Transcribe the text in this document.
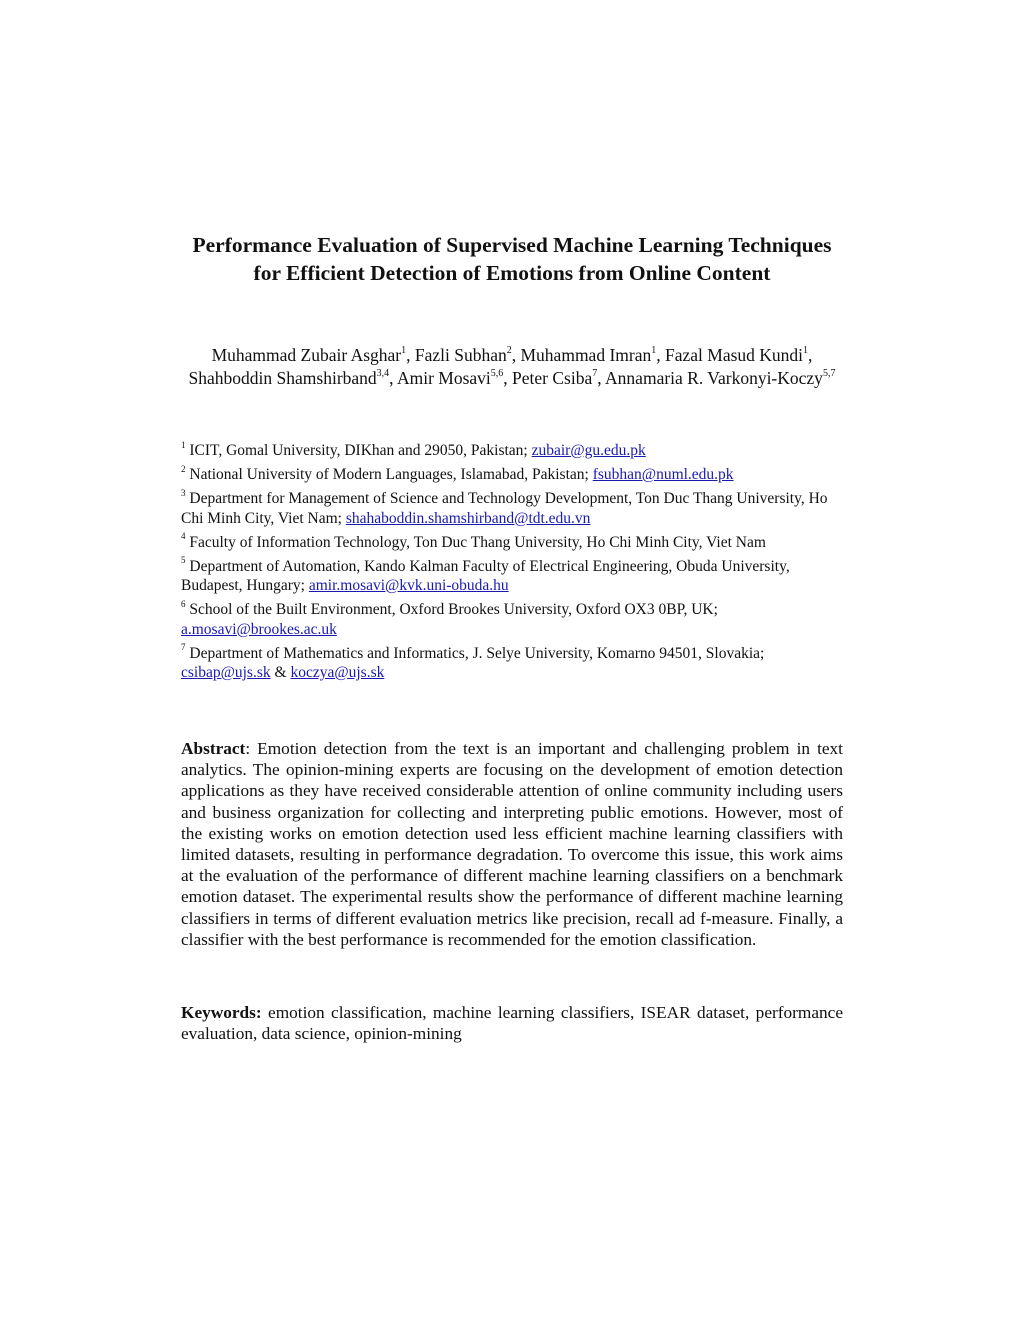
Performance Evaluation of Supervised Machine Learning Techniques for Efficient Detection of Emotions from Online Content
Muhammad Zubair Asghar$^1$, Fazli Subhan$^2$, Muhammad Imran$^1$, Fazal Masud Kundi$^1$, Shahboddin Shamshirband$^{3,4}$, Amir Mosavi$^{5,6}$, Peter Csiba$^7$, Annamaria R. Varkonyi-Koczy$^{5,7}$

$^1$ ICIT, Gomal University, DIKhan and 29050, Pakistan; zubair@gu.edu.pk

$^2$ National University of Modern Languages, Islamabad, Pakistan; fsubhan@numl.edu.pk

$^3$ Department for Management of Science and Technology Development, Ton Duc Thang University, Ho Chi Minh City, Viet Nam; shahaboddin.shamshirband@tdt.edu.vn

$^4$ Faculty of Information Technology, Ton Duc Thang University, Ho Chi Minh City, Viet Nam

$^5$ Department of Automation, Kando Kalman Faculty of Electrical Engineering, Obuda University, Budapest, Hungary; amir.mosavi@kvk.uni-obuda.hu

$^6$ School of the Built Environment, Oxford Brookes University, Oxford OX3 0BP, UK; a.mosavi@brookes.ac.uk

$^7$ Department of Mathematics and Informatics, J. Selye University, Komarno 94501, Slovakia; csibap@ujs.sk & koczya@ujs.sk

Abstract: Emotion detection from the text is an important and challenging problem in text analytics. The opinion-mining experts are focusing on the development of emotion detection applications as they have received considerable attention of online community including users and business organization for collecting and interpreting public emotions. However, most of the existing works on emotion detection used less efficient machine learning classifiers with limited datasets, resulting in performance degradation. To overcome this issue, this work aims at the evaluation of the performance of different machine learning classifiers on a benchmark emotion dataset. The experimental results show the performance of different machine learning classifiers in terms of different evaluation metrics like precision, recall ad f-measure. Finally, a classifier with the best performance is recommended for the emotion classification.

Keywords: emotion classification, machine learning classifiers, ISEAR dataset, performance evaluation, data science, opinion-mining
